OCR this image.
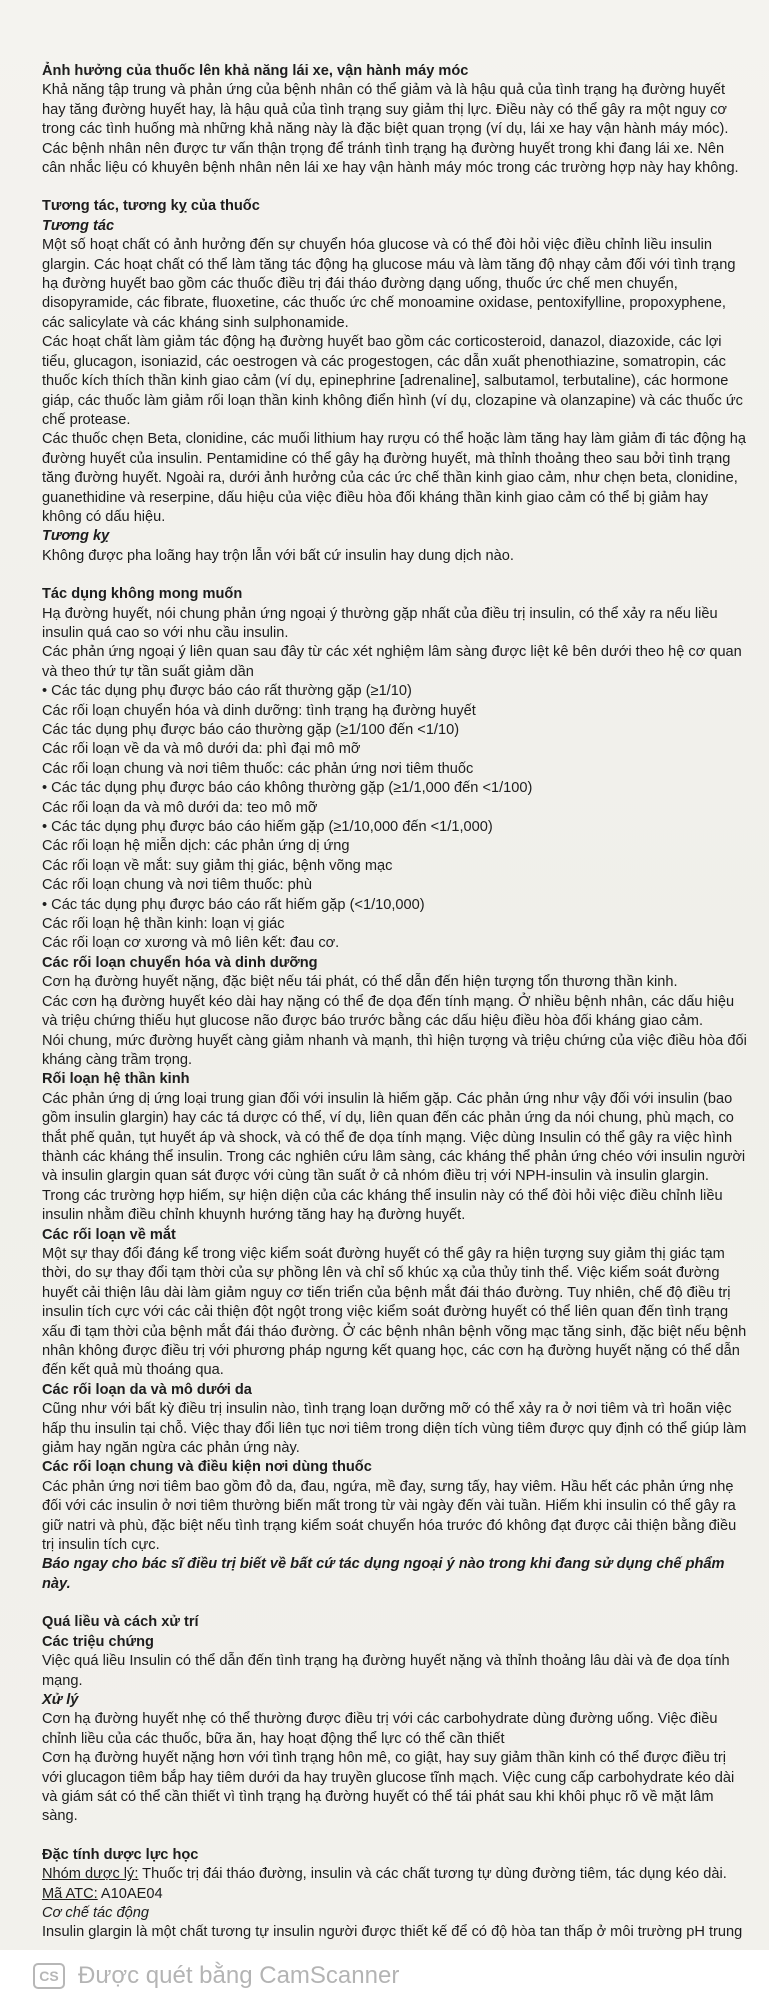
Ảnh hưởng của thuốc lên khả năng lái xe, vận hành máy móc

Khả năng tập trung và phản ứng của bệnh nhân có thể giảm và là hậu quả của tình trạng hạ đường huyết hay tăng đường huyết hay, là hậu quả của tình trạng suy giảm thị lực. Điều này có thể gây ra một nguy cơ trong các tình huống mà những khả năng này là đặc biệt quan trọng (ví dụ, lái xe hay vận hành máy móc). Các bệnh nhân nên được tư vấn thận trọng để tránh tình trạng hạ đường huyết trong khi đang lái xe. Nên cân nhắc liệu có khuyên bệnh nhân nên lái xe hay vận hành máy móc trong các trường hợp này hay không.

Tương tác, tương kỵ của thuốc

Tương tác

Một số hoạt chất có ảnh hưởng đến sự chuyển hóa glucose và có thể đòi hỏi việc điều chỉnh liều insulin glargin. Các hoạt chất có thể làm tăng tác động hạ glucose máu và làm tăng độ nhạy cảm đối với tình trạng hạ đường huyết bao gồm các thuốc điều trị đái tháo đường dạng uống, thuốc ức chế men chuyển, disopyramide, các fibrate, fluoxetine, các thuốc ức chế monoamine oxidase, pentoxifylline, propoxyphene, các salicylate và các kháng sinh sulphonamide.

Các hoạt chất làm giảm tác động hạ đường huyết bao gồm các corticosteroid, danazol, diazoxide, các lợi tiểu, glucagon, isoniazid, các oestrogen và các progestogen, các dẫn xuất phenothiazine, somatropin, các thuốc kích thích thần kinh giao cảm (ví dụ, epinephrine [adrenaline], salbutamol, terbutaline), các hormone giáp, các thuốc làm giảm rối loạn thần kinh không điển hình (ví dụ, clozapine và olanzapine) và các thuốc ức chế protease.

Các thuốc chẹn Beta, clonidine, các muối lithium hay rượu có thể hoặc làm tăng hay làm giảm đi tác động hạ đường huyết của insulin. Pentamidine có thể gây hạ đường huyết, mà thỉnh thoảng theo sau bởi tình trạng tăng đường huyết. Ngoài ra, dưới ảnh hưởng của các ức chế thần kinh giao cảm, như chẹn beta, clonidine, guanethidine và reserpine, dấu hiệu của việc điều hòa đối kháng thần kinh giao cảm có thể bị giảm hay không có dấu hiệu.

Tương kỵ

Không được pha loãng hay trộn lẫn với bất cứ insulin hay dung dịch nào.

Tác dụng không mong muốn

Hạ đường huyết, nói chung phản ứng ngoại ý thường gặp nhất của điều trị insulin, có thể xảy ra nếu liều insulin quá cao so với nhu cầu insulin.

Các phản ứng ngoại ý liên quan sau đây từ các xét nghiệm lâm sàng được liệt kê bên dưới theo hệ cơ quan và theo thứ tự tần suất giảm dần

• Các tác dụng phụ được báo cáo rất thường gặp (≥1/10)

Các rối loạn chuyển hóa và dinh dưỡng: tình trạng hạ đường huyết

Các tác dụng phụ được báo cáo thường gặp (≥1/100 đến <1/10)

Các rối loạn về da và mô dưới da: phì đại mô mỡ

Các rối loạn chung và nơi tiêm thuốc: các phản ứng nơi tiêm thuốc

• Các tác dụng phụ được báo cáo không thường gặp (≥1/1,000 đến <1/100)

Các rối loạn da và mô dưới da: teo mô mỡ

• Các tác dụng phụ được báo cáo hiếm gặp (≥1/10,000 đến <1/1,000)

Các rối loạn hệ miễn dịch: các phản ứng dị ứng

Các rối loạn về mắt: suy giảm thị giác, bệnh võng mạc

Các rối loạn chung và nơi tiêm thuốc: phù

• Các tác dụng phụ được báo cáo rất hiếm gặp (<1/10,000)

Các rối loạn hệ thần kinh: loạn vị giác

Các rối loạn cơ xương và mô liên kết: đau cơ.

Các rối loạn chuyển hóa và dinh dưỡng

Cơn hạ đường huyết nặng, đặc biệt nếu tái phát, có thể dẫn đến hiện tượng tổn thương thần kinh.

Các cơn hạ đường huyết kéo dài hay nặng có thể đe dọa đến tính mạng. Ở nhiều bệnh nhân, các dấu hiệu và triệu chứng thiếu hụt glucose não được báo trước bằng các dấu hiệu điều hòa đối kháng giao cảm.

Nói chung, mức đường huyết càng giảm nhanh và mạnh, thì hiện tượng và triệu chứng của việc điều hòa đối kháng càng trầm trọng.

Rối loạn hệ thần kinh

Các phản ứng dị ứng loại trung gian đối với insulin là hiếm gặp. Các phản ứng như vậy đối với insulin (bao gồm insulin glargin) hay các tá dược có thể, ví dụ, liên quan đến các phản ứng da nói chung, phù mạch, co thắt phế quản, tụt huyết áp và shock, và có thể đe dọa tính mạng. Việc dùng Insulin có thể gây ra việc hình thành các kháng thể insulin. Trong các nghiên cứu lâm sàng, các kháng thể phản ứng chéo với insulin người và insulin glargin quan sát được với cùng tần suất ở cả nhóm điều trị với NPH-insulin và insulin glargin. Trong các trường hợp hiếm, sự hiện diện của các kháng thể insulin này có thể đòi hỏi việc điều chỉnh liều insulin nhằm điều chỉnh khuynh hướng tăng hay hạ đường huyết.

Các rối loạn về mắt

Một sự thay đổi đáng kể trong việc kiểm soát đường huyết có thể gây ra hiện tượng suy giảm thị giác tạm thời, do sự thay đổi tạm thời của sự phồng lên và chỉ số khúc xạ của thủy tinh thể. Việc kiểm soát đường huyết cải thiện lâu dài làm giảm nguy cơ tiến triển của bệnh mắt đái tháo đường. Tuy nhiên, chế độ điều trị insulin tích cực với các cải thiện đột ngột trong việc kiểm soát đường huyết có thể liên quan đến tình trạng xấu đi tạm thời của bệnh mắt đái tháo đường. Ở các bệnh nhân bệnh võng mạc tăng sinh, đặc biệt nếu bệnh nhân không được điều trị với phương pháp ngưng kết quang học, các cơn hạ đường huyết nặng có thể dẫn đến kết quả mù thoáng qua.

Các rối loạn da và mô dưới da

Cũng như với bất kỳ điều trị insulin nào, tình trạng loạn dưỡng mỡ có thể xảy ra ở nơi tiêm và trì hoãn việc hấp thu insulin tại chỗ. Việc thay đổi liên tục nơi tiêm trong diện tích vùng tiêm được quy định có thể giúp làm giảm hay ngăn ngừa các phản ứng này.

Các rối loạn chung và điều kiện nơi dùng thuốc

Các phản ứng nơi tiêm bao gồm đỏ da, đau, ngứa, mề đay, sưng tấy, hay viêm. Hầu hết các phản ứng nhẹ đối với các insulin ở nơi tiêm thường biến mất trong từ vài ngày đến vài tuần. Hiếm khi insulin có thể gây ra giữ natri và phù, đặc biệt nếu tình trạng kiểm soát chuyển hóa trước đó không đạt được cải thiện bằng điều trị insulin tích cực.

Báo ngay cho bác sĩ điều trị biết về bất cứ tác dụng ngoại ý nào trong khi đang sử dụng chế phẩm này.

Quá liều và cách xử trí

Các triệu chứng

Việc quá liều Insulin có thể dẫn đến tình trạng hạ đường huyết nặng và thỉnh thoảng lâu dài và đe dọa tính mạng.

Xử lý

Cơn hạ đường huyết nhẹ có thể thường được điều trị với các carbohydrate dùng đường uống. Việc điều chỉnh liều của các thuốc, bữa ăn, hay hoạt động thể lực có thể cần thiết

Cơn hạ đường huyết nặng hơn với tình trạng hôn mê, co giật, hay suy giảm thần kinh có thể được điều trị với glucagon tiêm bắp hay tiêm dưới da hay truyền glucose tĩnh mạch. Việc cung cấp carbohydrate kéo dài và giám sát có thể cần thiết vì tình trạng hạ đường huyết có thể tái phát sau khi khôi phục rõ về mặt lâm sàng.

Đặc tính dược lực học

Nhóm dược lý: Thuốc trị đái tháo đường, insulin và các chất tương tự dùng đường tiêm, tác dụng kéo dài.

Mã ATC: A10AE04

Cơ chế tác động

Insulin glargin là một chất tương tự insulin người được thiết kế để có độ hòa tan thấp ở môi trường pH trung

CS Được quét bằng CamScanner
